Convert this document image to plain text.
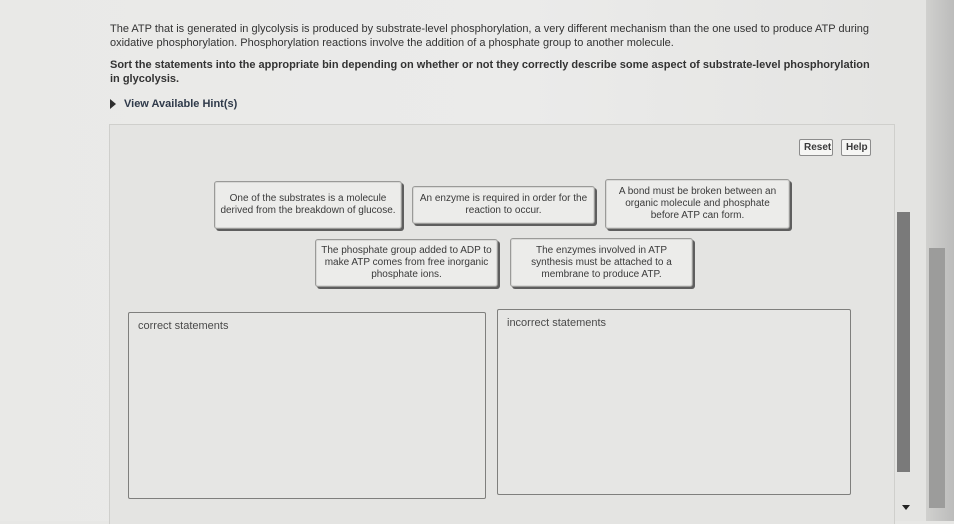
The ATP that is generated in glycolysis is produced by substrate-level phosphorylation, a very different mechanism than the one used to produce ATP during oxidative phosphorylation. Phosphorylation reactions involve the addition of a phosphate group to another molecule.

Sort the statements into the appropriate bin depending on whether or not they correctly describe some aspect of substrate-level phosphorylation in glycolysis.

View Available Hint(s)
Reset	Help
One of the substrates is a molecule derived from the breakdown of glucose.
An enzyme is required in order for the reaction to occur.
A bond must be broken between an organic molecule and phosphate before ATP can form.
The phosphate group added to ADP to make ATP comes from free inorganic phosphate ions.
The enzymes involved in ATP synthesis must be attached to a membrane to produce ATP.
correct statements	incorrect statements
